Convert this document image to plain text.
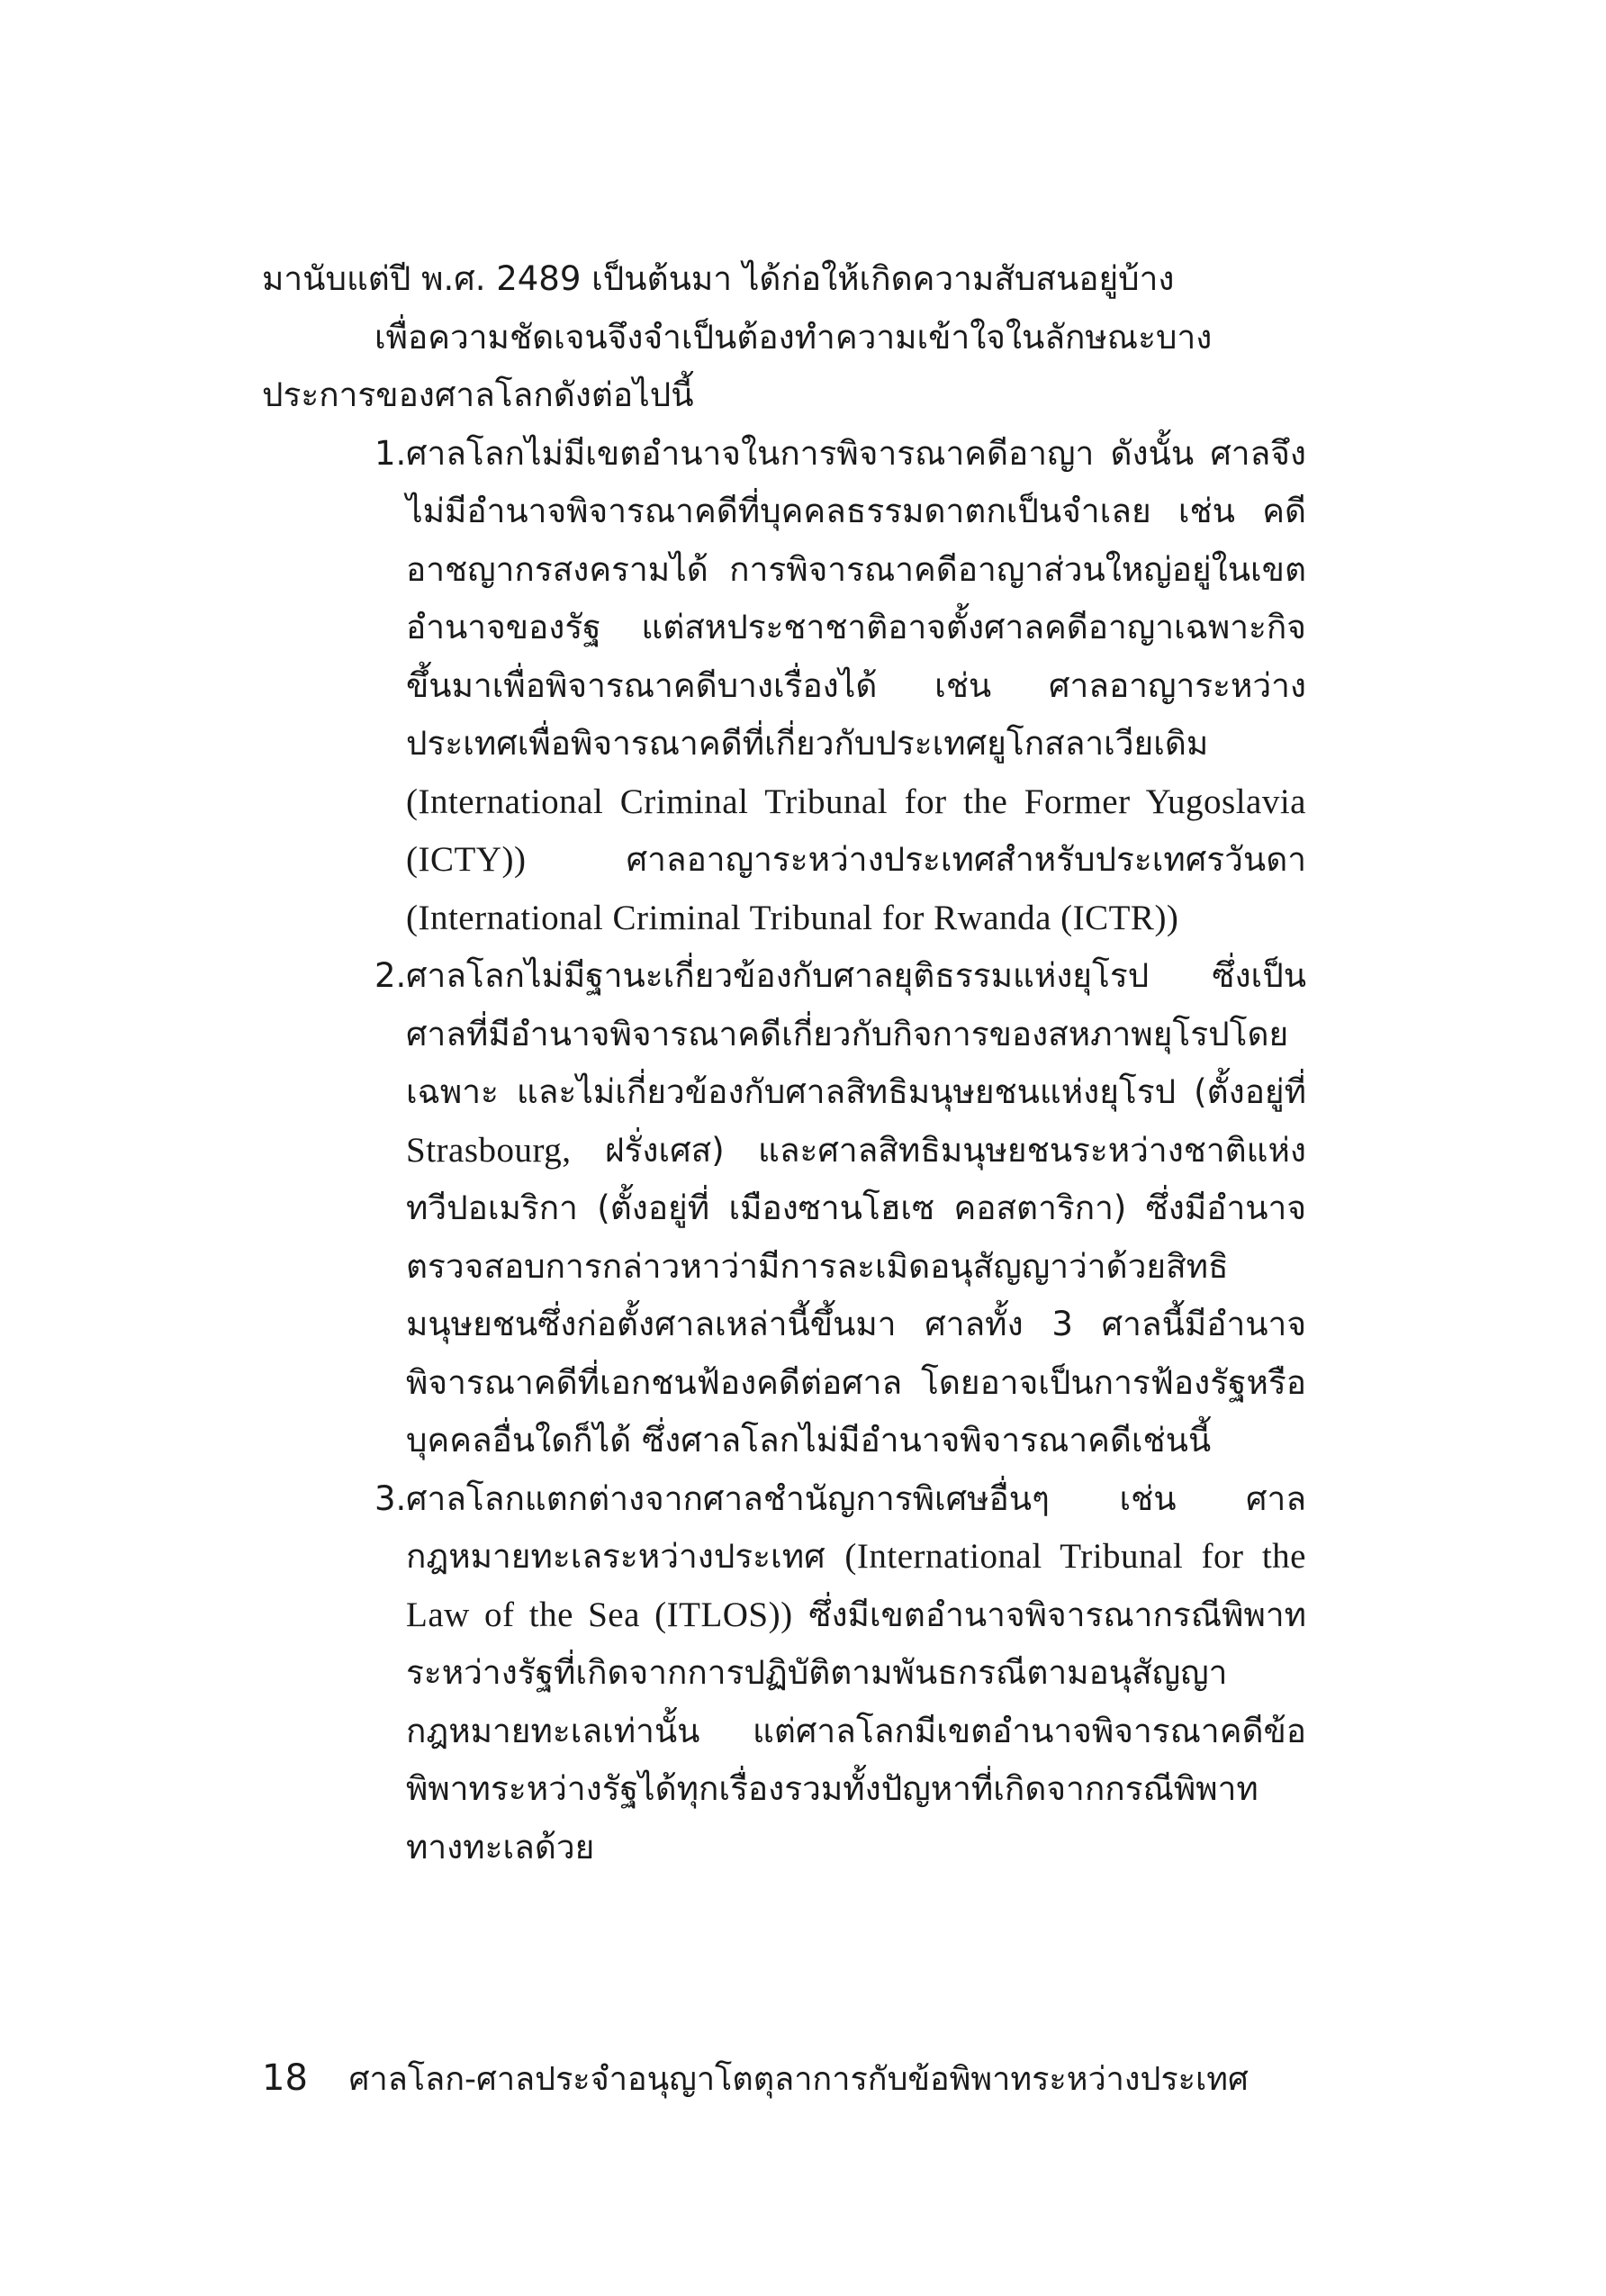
มานับแต่ปี พ.ศ. 2489 เป็นต้นมา ได้ก่อให้เกิดความสับสนอยู่บ้าง

เพื่อความชัดเจนจึงจำเป็นต้องทำความเข้าใจในลักษณะบางประการของศาลโลกดังต่อไปนี้

1. ศาลโลกไม่มีเขตอำนาจในการพิจารณาคดีอาญา ดังนั้น ศาลจึงไม่มีอำนาจพิจารณาคดีที่บุคคลธรรมดาตกเป็นจำเลย เช่น คดีอาชญากรสงครามได้ การพิจารณาคดีอาญาส่วนใหญ่อยู่ในเขตอำนาจของรัฐ แต่สหประชาชาติอาจตั้งศาลคดีอาญาเฉพาะกิจขึ้นมาเพื่อพิจารณาคดีบางเรื่องได้ เช่น ศาลอาญาระหว่างประเทศเพื่อพิจารณาคดีที่เกี่ยวกับประเทศยูโกสลาเวียเดิม (International Criminal Tribunal for the Former Yugoslavia (ICTY))	ศาลอาญาระหว่างประเทศสำหรับประเทศรวันดา (International Criminal Tribunal for Rwanda (ICTR))
2. ศาลโลกไม่มีฐานะเกี่ยวข้องกับศาลยุติธรรมแห่งยุโรป ซึ่งเป็นศาลที่มีอำนาจพิจารณาคดีเกี่ยวกับกิจการของสหภาพยุโรปโดยเฉพาะ และไม่เกี่ยวข้องกับศาลสิทธิมนุษยชนแห่งยุโรป (ตั้งอยู่ที่ Strasbourg, ฝรั่งเศส) และศาลสิทธิมนุษยชนระหว่างชาติแห่งทวีปอเมริกา (ตั้งอยู่ที่ เมืองซานโฮเซ คอสตาริกา) ซึ่งมีอำนาจตรวจสอบการกล่าวหาว่ามีการละเมิดอนุสัญญาว่าด้วยสิทธิมนุษยชนซึ่งก่อตั้งศาลเหล่านี้ขึ้นมา ศาลทั้ง 3 ศาลนี้มีอำนาจพิจารณาคดีที่เอกชนฟ้องคดีต่อศาล โดยอาจเป็นการฟ้องรัฐหรือบุคคลอื่นใดก็ได้ ซึ่งศาลโลกไม่มีอำนาจพิจารณาคดีเช่นนี้
3. ศาลโลกแตกต่างจากศาลชำนัญการพิเศษอื่นๆ เช่น ศาลกฎหมายทะเลระหว่างประเทศ (International Tribunal for the Law of the Sea (ITLOS)) ซึ่งมีเขตอำนาจพิจารณากรณีพิพาทระหว่างรัฐที่เกิดจากการปฏิบัติตามพันธกรณีตามอนุสัญญากฎหมายทะเลเท่านั้น แต่ศาลโลกมีเขตอำนาจพิจารณาคดีข้อพิพาทระหว่างรัฐได้ทุกเรื่องรวมทั้งปัญหาที่เกิดจากกรณีพิพาททางทะเลด้วย
18 ศาลโลก-ศาลประจำอนุญาโตตุลาการกับข้อพิพาทระหว่างประเทศ
